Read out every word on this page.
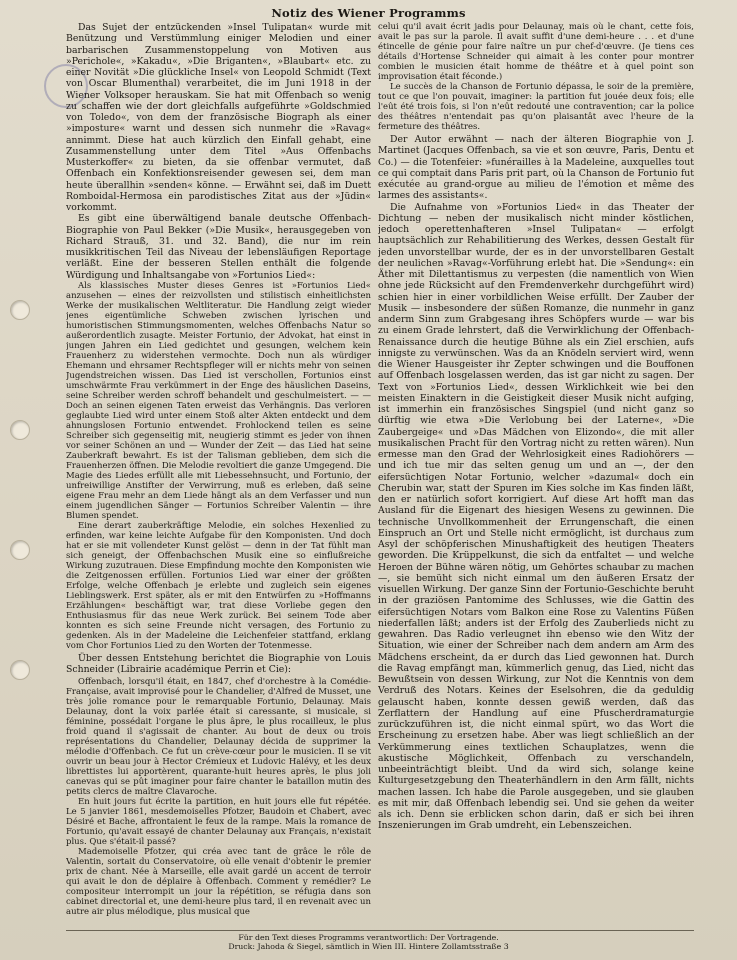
Notiz des Wiener Programms

Das Sujet der entzückenden »Insel Tulipatan« wurde mit Benützung und Verstümmlung einiger Melodien und einer barbarischen Zusammenstoppelung von Motiven aus »Perichole«, »Kakadu«, »Die Briganten«, »Blaubart« etc. zu einer Novität »Die glückliche Insel« von Leopold Schmidt (Text von Oscar Blumenthal) verarbeitet, die im Juni 1918 in der Wiener Volksoper herauskam. Sie hat mit Offenbach so wenig zu schaffen wie der dort gleichfalls aufgeführte »Goldschmied von Toledo«, von dem der französische Biograph als einer »imposture« warnt und dessen sich nunmehr die »Ravag« annimmt. Diese hat auch kürzlich den Einfall gehabt, eine Zusammenstellung unter dem Titel »Aus Offenbachs Musterkoffer« zu bieten, da sie offenbar vermutet, daß Offenbach ein Konfektionsreisender gewesen sei, dem man heute überallhin »senden« könne. — Erwähnt sei, daß im Duett Romboidal-Hermosa ein parodistisches Zitat aus der »Jüdin« vorkommt.

Es gibt eine überwältigend banale deutsche Offenbach-Biographie von Paul Bekker (»Die Musik«, herausgegeben von Richard Strauß, 31. und 32. Band), die nur im rein musikkritischen Teil das Niveau der lebensläufigen Reportage verläßt. Eine der besseren Stellen enthält die folgende Würdigung und Inhaltsangabe von »Fortunios Lied«:

Als klassisches Muster dieses Genres ist »Fortunios Lied« anzusehen — eines der reizvollsten und stilistisch einheitlichsten Werke der musikalischen Weltliteratur. Die Handlung zeigt wieder jenes eigentümliche Schweben zwischen lyrischen und humoristischen Stimmungsmomenten, welches Offenbachs Natur so außerordentlich zusagte. Meister Fortunio, der Advokat, hat einst in jungen Jahren ein Lied gedichtet und gesungen, welchem kein Frauenherz zu widerstehen vermochte. Doch nun als würdiger Ehemann und ehrsamer Rechtspfleger will er nichts mehr von seinen Jugendstreichen wissen. Das Lied ist verschollen, Fortunios einst umschwärmte Frau verkümmert in der Enge des häuslichen Daseins, seine Schreiber werden schroff behandelt und geschulmeistert. — — Doch an seinen eigenen Taten erweist das Verhängnis. Das verloren geglaubte Lied wird unter einem Stoß alter Akten entdeckt und dem ahnungslosen Fortunio entwendet. Frohlockend teilen es seine Schreiber sich gegenseitig mit, neugierig stimmt es jeder von ihnen vor seiner Schönen an und — Wunder der Zeit — das Lied hat seine Zauberkraft bewahrt. Es ist der Talisman geblieben, dem sich die Frauenherzen öffnen. Die Melodie revoltiert die ganze Umgegend. Die Magie des Liedes erfüllt alle mit Liebessehnsucht, und Fortunio, der unfreiwillige Anstifter der Verwirrung, muß es erleben, daß seine eigene Frau mehr an dem Liede hängt als an dem Verfasser und nun einem jugendlichen Sänger — Fortunios Schreiber Valentin — ihre Blumen spendet.

Eine derart zauberkräftige Melodie, ein solches Hexenlied zu erfinden, war keine leichte Aufgabe für den Komponisten. Und doch hat er sie mit vollendeter Kunst gelöst — denn in der Tat fühlt man sich geneigt, der Offenbachschen Musik eine so einflußreiche Wirkung zuzutrauen. Diese Empfindung mochte den Komponisten wie die Zeitgenossen erfüllen. Fortunios Lied war einer der größten Erfolge, welche Offenbach je erlebte und zugleich sein eigenes Lieblingswerk. Erst später, als er mit den Entwürfen zu »Hoffmanns Erzählungen« beschäftigt war, trat diese Vorliebe gegen den Enthusiasmus für das neue Werk zurück. Bei seinem Tode aber konnten es sich seine Freunde nicht versagen, des Fortunio zu gedenken. Als in der Madeleine die Leichenfeier stattfand, erklang vom Chor Fortunios Lied zu den Worten der Totenmesse.

Über dessen Entstehung berichtet die Biographie von Louis Schneider (Librairie académique Perrin et Cie):

Offenbach, lorsqu'il était, en 1847, chef d'orchestre à la Comédie-Française, avait improvisé pour le Chandelier, d'Alfred de Musset, une très jolie romance pour le remarquable Fortunio, Delaunay. Mais Delaunay, dont la voix parlée était si caressante, si musicale, si féminine, possédait l'organe le plus âpre, le plus rocailleux, le plus froid quand il s'agissait de chanter. Au bout de deux ou trois représentations du Chandelier, Delaunay décida de supprimer la mélodie d'Offenbach. Ce fut un crève-cœur pour le musicien. Il se vit ouvrir un beau jour à Hector Crémieux et Ludovic Halévy, et les deux librettistes lui apportèrent, quarante-huit heures après, le plus joli canevas qui se pût imaginer pour faire chanter le bataillon mutin des petits clercs de maître Clavaroche.

En huit jours fut écrite la partition, en huit jours elle fut répétée. Le 5 janvier 1861, mesdemoiselles Pfotzer, Baudoin et Chabert, avec Désiré et Bache, affrontaient le feux de la rampe. Mais la romance de Fortunio, qu'avait essayé de chanter Delaunay aux Français, n'existait plus. Que s'était-il passé?

Mademoiselle Pfotzer, qui créa avec tant de grâce le rôle de Valentin, sortait du Conservatoire, où elle venait d'obtenir le premier prix de chant. Née à Marseille, elle avait gardé un accent de terroir qui avait le don de déplaire à Offenbach. Comment y remédier? Le compositeur interrompit un jour la répétition, se réfugia dans son cabinet directorial et, une demi-heure plus tard, il en revenait avec un autre air plus mélodique, plus musical que

celui qu'il avait écrit jadis pour Delaunay, mais où le chant, cette fois, avait le pas sur la parole. Il avait suffit d'une demi-heure . . . et d'une étincelle de génie pour faire naître un pur chef-d'œuvre. (Je tiens ces détails d'Hortense Schneider qui aimait à les conter pour montrer combien le musicien était homme de théâtre et à quel point son improvisation était féconde.)

Le succès de la Chanson de Fortunio dépassa, le soir de la première, tout ce que l'on pouvait, imaginer: la partition fut jouée deux fois; elle l'eût été trois fois, si l'on n'eût redouté une contravention; car la police des théâtres n'entendait pas qu'on plaisantât avec l'heure de la fermeture des théâtres.

Der Autor erwähnt — nach der älteren Biographie von J. Martinet (Jacques Offenbach, sa vie et son œuvre, Paris, Dentu et Co.) — die Totenfeier: »funérailles à la Madeleine, auxquelles tout ce qui comptait dans Paris prit part, où la Chanson de Fortunio fut exécutée au grand-orgue au milieu de l'émotion et même des larmes des assistants«.

Die Aufnahme von »Fortunios Lied« in das Theater der Dichtung — neben der musikalisch nicht minder köstlichen, jedoch operettenhafteren »Insel Tulipatan« — erfolgt hauptsächlich zur Rehabilitierung des Werkes, dessen Gestalt für jeden unvorstellbar wurde, der es in der unvorstellbaren Gestalt der neulichen »Ravag«-Vorführung erlebt hat. Die »Sendung«: ein Äther mit Dilettantismus zu verpesten (die namentlich von Wien ohne jede Rücksicht auf den Fremdenverkehr durchgeführt wird) schien hier in einer vorbildlichen Weise erfüllt. Der Zauber der Musik — insbesondere der süßen Romanze, die nunmehr in ganz anderm Sinn zum Grabgesang ihres Schöpfers wurde — war bis zu einem Grade lehrstert, daß die Verwirklichung der Offenbach-Renaissance durch die heutige Bühne als ein Ziel erschien, aufs innigste zu verwünschen. Was da an Knödeln serviert wird, wenn die Wiener Hausgeister ihr Zepter schwingen und die Bouffonen auf Offenbach losgelassen werden, das ist gar nicht zu sagen. Der Text von »Fortunios Lied«, dessen Wirklichkeit wie bei den meisten Einaktern in die Geistigkeit dieser Musik nicht aufging, ist immerhin ein französisches Singspiel (und nicht ganz so dürftig wie etwa »Die Verlobung bei der Laterne«, »Die Zaubergeige« und »Das Mädchen von Elizondo«, die mit aller musikalischen Pracht für den Vortrag nicht zu retten wären). Nun ermesse man den Grad der Wehrlosigkeit eines Radiohörers — und ich tue mir das selten genug um und an —, der den eifersüchtigen Notar Fortunio, welcher »dazumal« doch ein Cherubin war, statt der Spuren im Kies solche im Kas finden läßt, den er natürlich sofort korrigiert. Auf diese Art hofft man das Ausland für die Eigenart des hiesigen Wesens zu gewinnen. Die technische Unvollkommenheit der Errungenschaft, die einen Einspruch an Ort und Stelle nicht ermöglicht, ist durchaus zum Asyl der schöpferischen Minushaftigkeit des heutigen Theaters geworden. Die Krüppelkunst, die sich da entfaltet — und welche Heroen der Bühne wären nötig, um Gehörtes schaubar zu machen —, sie bemüht sich nicht einmal um den äußeren Ersatz der visuellen Wirkung. Der ganze Sinn der Fortunio-Geschichte beruht in der graziösen Pantomime des Schlusses, wie die Gattin des eifersüchtigen Notars vom Balkon eine Rose zu Valentins Füßen niederfallen läßt; anders ist der Erfolg des Zauberlieds nicht zu gewahren. Das Radio verleugnet ihn ebenso wie den Witz der Situation, wie einer der Schreiber nach dem andern am Arm des Mädchens erscheint, da er durch das Lied gewonnen hat. Durch die Ravag empfängt man, kümmerlich genug, das Lied, nicht das Bewußtsein von dessen Wirkung, zur Not die Kenntnis von dem Verdruß des Notars. Keines der Eselsohren, die da geduldig gelauscht haben, konnte dessen gewiß werden, daß das Zerflattern der Handlung auf eine Pfuscherdramaturgie zurückzuführen ist, die nicht einmal spürt, wo das Wort die Erscheinung zu ersetzen habe. Aber was liegt schließlich an der Verkümmerung eines textlichen Schauplatzes, wenn die akustische Möglichkeit, Offenbach zu verschandeln, unbeeinträchtigt bleibt. Und da wird sich, solange keine Kulturgesetzgebung den Theaterhändlern in den Arm fällt, nichts machen lassen. Ich habe die Parole ausgegeben, und sie glauben es mit mir, daß Offenbach lebendig sei. Und sie gehen da weiter als ich. Denn sie erblicken schon darin, daß er sich bei ihren Inszenierungen im Grab umdreht, ein Lebenszeichen.

Für den Text dieses Programms verantwortlich: Der Vortragende.
Druck: Jahoda & Siegel, sämtlich in Wien III. Hintere Zollamtsstraße 3
